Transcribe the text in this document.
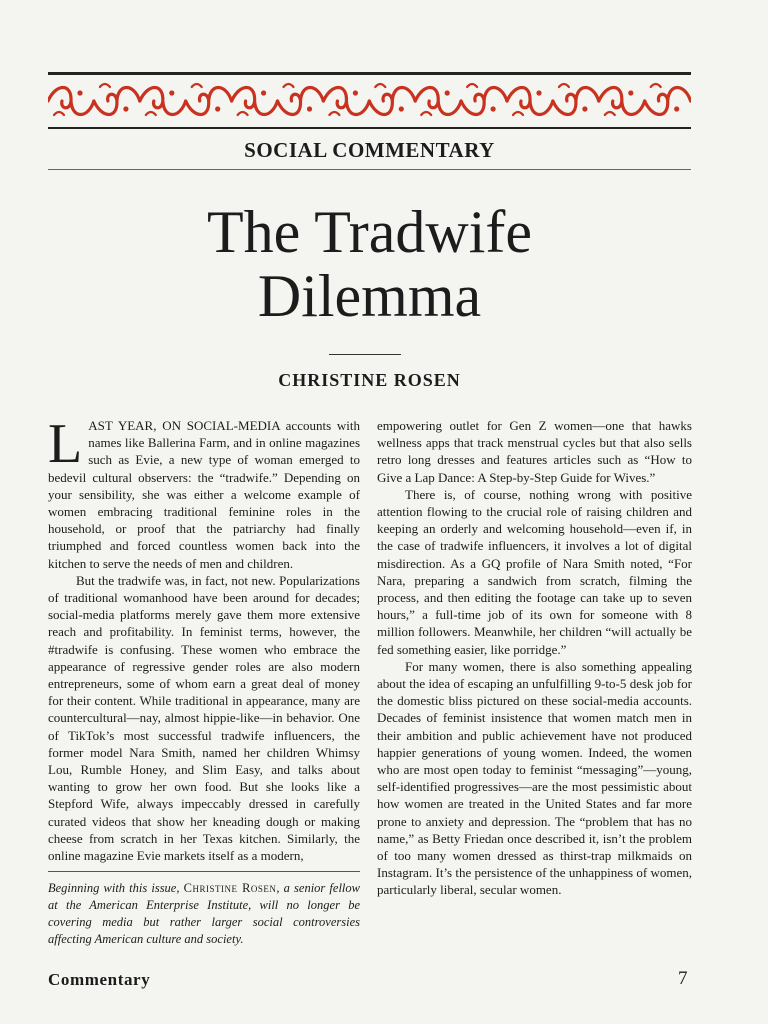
SOCIAL COMMENTARY
The Tradwife
Dilemma
CHRISTINE ROSEN

LAST YEAR, ON SOCIAL-MEDIA accounts with names like Ballerina Farm, and in online magazines such as Evie, a new type of woman emerged to bedevil cultural observers: the “tradwife.” Depending on your sensibility, she was either a welcome example of women embracing traditional feminine roles in the household, or proof that the patriarchy had finally triumphed and forced countless women back into the kitchen to serve the needs of men and children.

But the tradwife was, in fact, not new. Popularizations of traditional womanhood have been around for decades; social-media platforms merely gave them more extensive reach and profitability. In feminist terms, however, the #tradwife is confusing. These women who embrace the appearance of regressive gender roles are also modern entrepreneurs, some of whom earn a great deal of money for their content. While traditional in appearance, many are countercultural—nay, almost hippie-like—in behavior. One of TikTok’s most successful tradwife influencers, the former model Nara Smith, named her children Whimsy Lou, Rumble Honey, and Slim Easy, and talks about wanting to grow her own food. But she looks like a Stepford Wife, always impeccably dressed in carefully curated videos that show her kneading dough or making cheese from scratch in her Texas kitchen. Similarly, the online magazine Evie markets itself as a modern,

empowering outlet for Gen Z women—one that hawks wellness apps that track menstrual cycles but that also sells retro long dresses and features articles such as “How to Give a Lap Dance: A Step-by-Step Guide for Wives.”

There is, of course, nothing wrong with positive attention flowing to the crucial role of raising children and keeping an orderly and welcoming household—even if, in the case of tradwife influencers, it involves a lot of digital misdirection. As a GQ profile of Nara Smith noted, “For Nara, preparing a sandwich from scratch, filming the process, and then editing the footage can take up to seven hours,” a full-time job of its own for someone with 8 million followers. Meanwhile, her children “will actually be fed something easier, like porridge.”

For many women, there is also something appealing about the idea of escaping an unfulfilling 9-to-5 desk job for the domestic bliss pictured on these social-media accounts. Decades of feminist insistence that women match men in their ambition and public achievement have not produced happier generations of young women. Indeed, the women who are most open today to feminist “messaging”—young, self-identified progressives—are the most pessimistic about how women are treated in the United States and far more prone to anxiety and depression. The “problem that has no name,” as Betty Friedan once described it, isn’t the problem of too many women dressed as thirst-trap milkmaids on Instagram. It’s the persistence of the unhappiness of women, particularly liberal, secular women.

Beginning with this issue, Christine Rosen, a senior fellow at the American Enterprise Institute, will no longer be covering media but rather larger social controversies affecting American culture and society.

Commentary	7
